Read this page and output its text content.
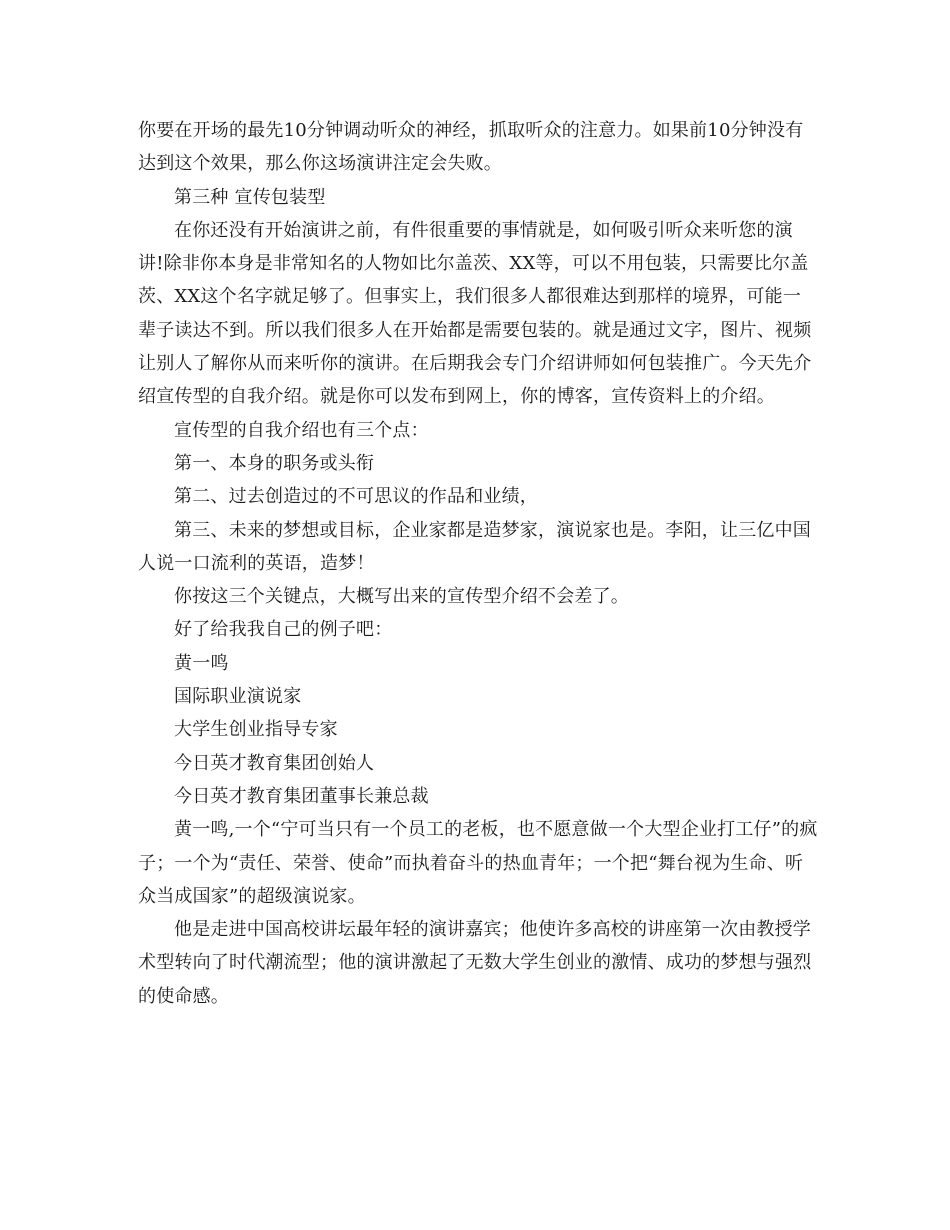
你要在开场的最先10分钟调动听众的神经，抓取听众的注意力。如果前10分钟没有达到这个效果，那么你这场演讲注定会失败。

第三种 宣传包装型

在你还没有开始演讲之前，有件很重要的事情就是，如何吸引听众来听您的演讲!除非你本身是非常知名的人物如比尔盖茨、XX等，可以不用包装，只需要比尔盖茨、XX这个名字就足够了。但事实上，我们很多人都很难达到那样的境界，可能一辈子读达不到。所以我们很多人在开始都是需要包装的。就是通过文字，图片、视频让别人了解你从而来听你的演讲。在后期我会专门介绍讲师如何包装推广。今天先介绍宣传型的自我介绍。就是你可以发布到网上，你的博客，宣传资料上的介绍。

宣传型的自我介绍也有三个点：

第一、本身的职务或头衔

第二、过去创造过的不可思议的作品和业绩，

第三、未来的梦想或目标，企业家都是造梦家，演说家也是。李阳，让三亿中国人说一口流利的英语，造梦！

你按这三个关键点，大概写出来的宣传型介绍不会差了。

好了给我我自己的例子吧：

黄一鸣

国际职业演说家

大学生创业指导专家

今日英才教育集团创始人

今日英才教育集团董事长兼总裁

黄一鸣,一个“宁可当只有一个员工的老板，也不愿意做一个大型企业打工仔”的疯子；一个为“责任、荣誉、使命”而执着奋斗的热血青年；一个把“舞台视为生命、听众当成国家”的超级演说家。

他是走进中国高校讲坛最年轻的演讲嘉宾；他使许多高校的讲座第一次由教授学术型转向了时代潮流型；他的演讲激起了无数大学生创业的激情、成功的梦想与强烈的使命感。
